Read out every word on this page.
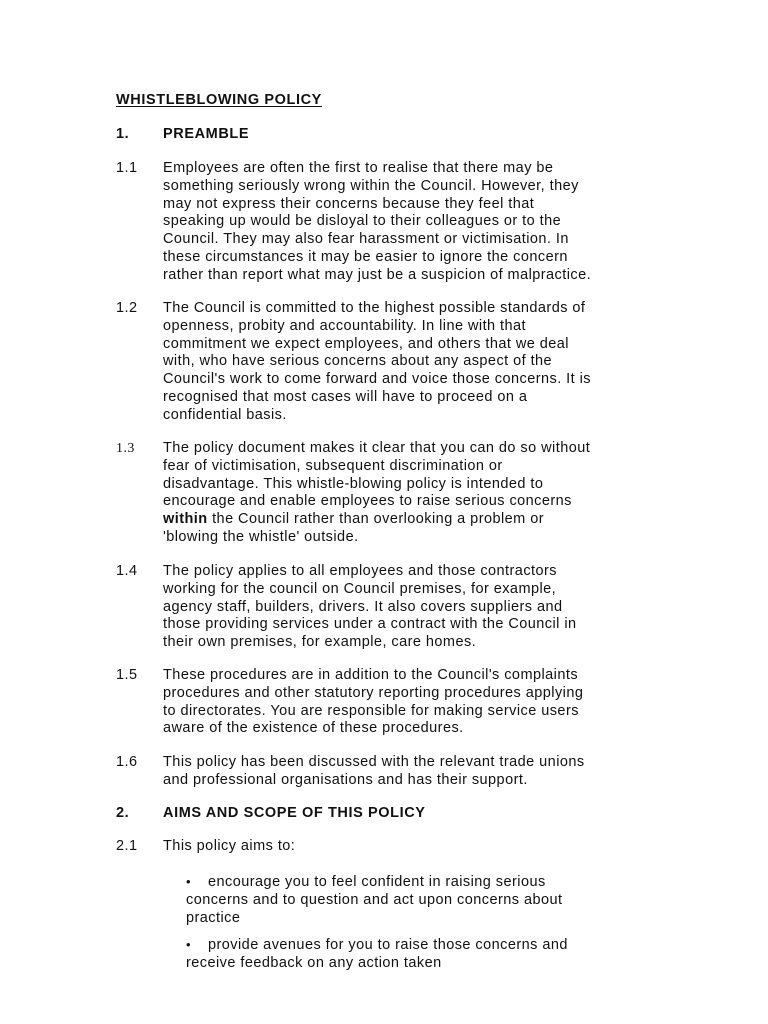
WHISTLEBLOWING POLICY
1. PREAMBLE
1.1	Employees are often the first to realise that there may be
something seriously wrong within the Council. However, they
may not express their concerns because they feel that
speaking up would be disloyal to their colleagues or to the
Council. They may also fear harassment or victimisation. In
these circumstances it may be easier to ignore the concern
rather than report what may just be a suspicion of malpractice.
1.2	The Council is committed to the highest possible standards of
openness, probity and accountability. In line with that
commitment we expect employees, and others that we deal
with, who have serious concerns about any aspect of the
Council's work to come forward and voice those concerns. It is
recognised that most cases will have to proceed on a
confidential basis.
1.3	The policy document makes it clear that you can do so without
fear of victimisation, subsequent discrimination or
disadvantage. This whistle-blowing policy is intended to
encourage and enable employees to raise serious concerns
within the Council rather than overlooking a problem or
'blowing the whistle' outside.
1.4	The policy applies to all employees and those contractors
working for the council on Council premises, for example,
agency staff, builders, drivers. It also covers suppliers and
those providing services under a contract with the Council in
their own premises, for example, care homes.
1.5	These procedures are in addition to the Council's complaints
procedures and other statutory reporting procedures applying
to directorates. You are responsible for making service users
aware of the existence of these procedures.
1.6	This policy has been discussed with the relevant trade unions
and professional organisations and has their support.
2. AIMS AND SCOPE OF THIS POLICY
2.1	This policy aims to:
• encourage you to feel confident in raising serious
concerns and to question and act upon concerns about
practice
• provide avenues for you to raise those concerns and
receive feedback on any action taken
